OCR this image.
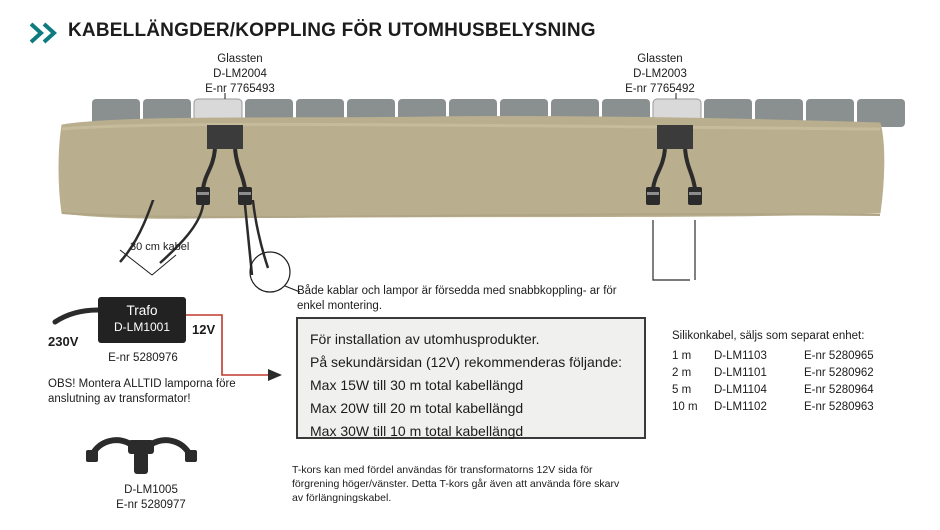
KABELLÄNGDER/KOPPLING FÖR UTOMHUSBELYSNING
Glassten
D-LM2004
E-nr 7765493
Glassten
D-LM2003
E-nr 7765492
30 cm kabel
Både kablar och lampor är försedda med snabbkoppling- ar för enkel montering.
OBS! Montera ALLTID lamporna före anslutning av transformator!
230V
12V
Trafo
D-LM1001
E-nr 5280976
För installation av utomhusprodukter.
På sekundärsidan (12V) rekommenderas följande:
Max 15W till 30 m total kabellängd
Max 20W till 20 m total kabellängd
Max 30W till 10 m total kabellängd
Silikonkabel, säljs som separat enhet:
1 m	D-LM1103	E-nr 5280965
2 m	D-LM1101	E-nr 5280962
5 m	D-LM1104	E-nr 5280964
10 m	D-LM1102	E-nr 5280963
D-LM1005
E-nr 5280977
T-kors kan med fördel användas för transformatorns 12V sida för förgrening höger/vänster. Detta T-kors går även att använda före skarv av förlängningskabel.
